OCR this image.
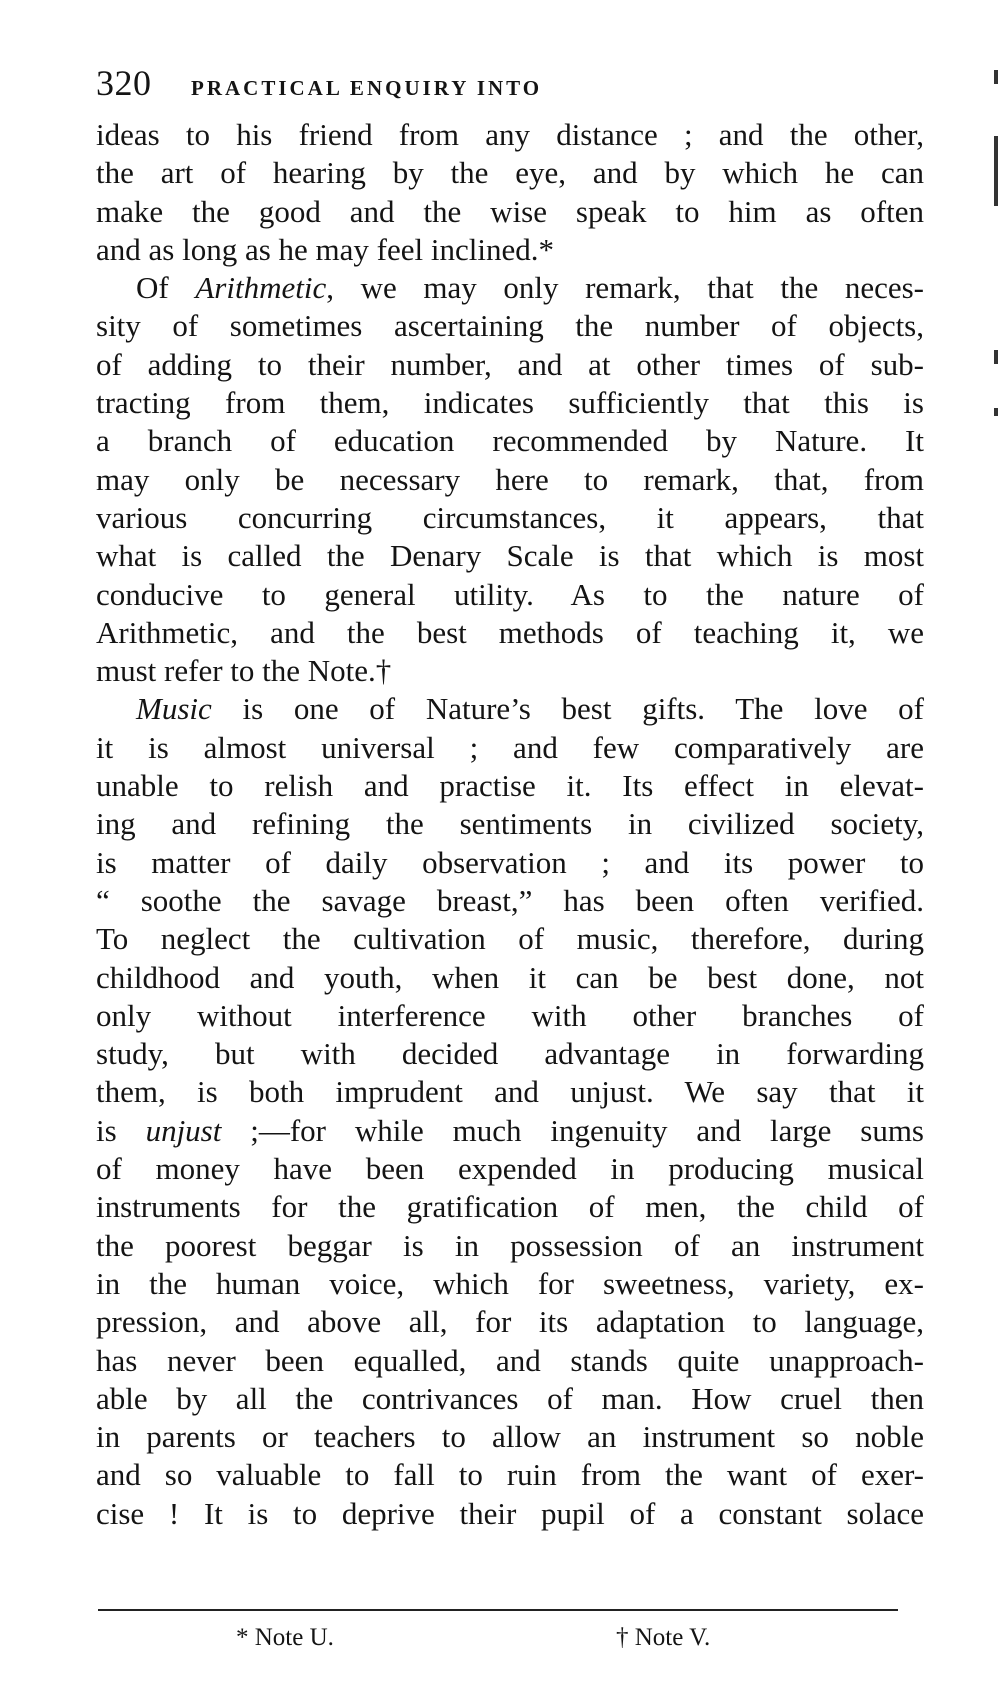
320 PRACTICAL ENQUIRY INTO
ideas to his friend from any distance ; and the other,
the art of hearing by the eye, and by which he can
make the good and the wise speak to him as often
and as long as he may feel inclined.*
Of Arithmetic, we may only remark, that the neces-
sity of sometimes ascertaining the number of objects,
of adding to their number, and at other times of sub-
tracting from them, indicates sufficiently that this is
a branch of education recommended by Nature. It
may only be necessary here to remark, that, from
various concurring circumstances, it appears, that
what is called the Denary Scale is that which is most
conducive to general utility. As to the nature of
Arithmetic, and the best methods of teaching it, we
must refer to the Note.†
Music is one of Nature’s best gifts. The love of
it is almost universal ; and few comparatively are
unable to relish and practise it. Its effect in elevat-
ing and refining the sentiments in civilized society,
is matter of daily observation ; and its power to
“ soothe the savage breast,” has been often verified.
To neglect the cultivation of music, therefore, during
childhood and youth, when it can be best done, not
only without interference with other branches of
study, but with decided advantage in forwarding
them, is both imprudent and unjust. We say that it
is unjust ;—for while much ingenuity and large sums
of money have been expended in producing musical
instruments for the gratification of men, the child of
the poorest beggar is in possession of an instrument
in the human voice, which for sweetness, variety, ex-
pression, and above all, for its adaptation to language,
has never been equalled, and stands quite unapproach-
able by all the contrivances of man. How cruel then
in parents or teachers to allow an instrument so noble
and so valuable to fall to ruin from the want of exer-
cise ! It is to deprive their pupil of a constant solace
* Note U.	† Note V.
